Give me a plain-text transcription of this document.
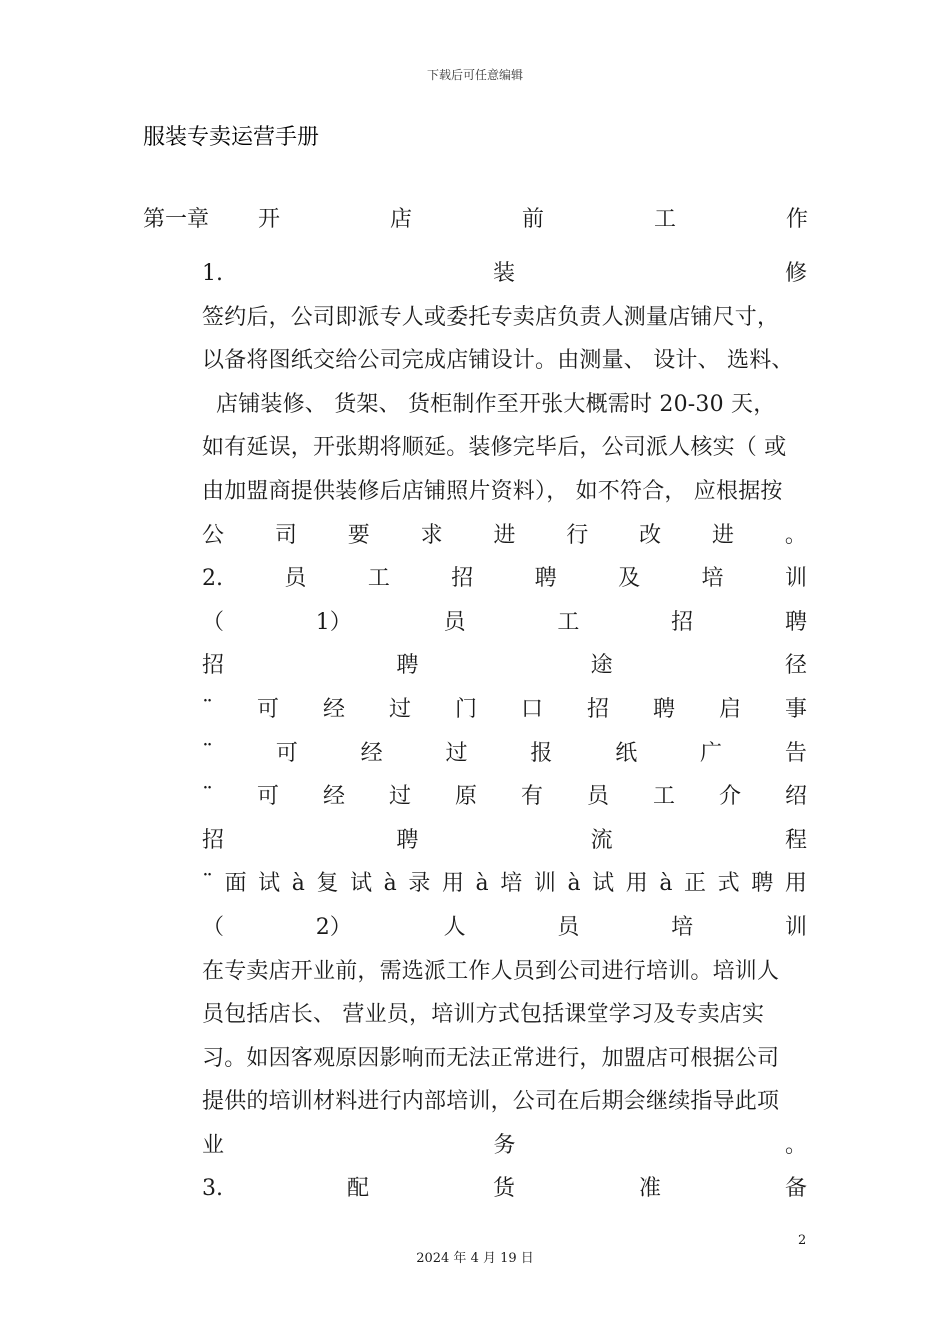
下载后可任意编辑
服装专卖运营手册
第一章 开	店	前	工	作
1.	装	修
签约后，公司即派专人或委托专卖店负责人测量店铺尺寸，
以备将图纸交给公司完成店铺设计。由测量、 设计、 选料、
店铺装修、 货架、 货柜制作至开张大概需时 20-30 天，
如有延误，开张期将顺延。装修完毕后，公司派人核实（ 或
由加盟商提供装修后店铺照片资料）， 如不符合， 应根据按
公 司 要 求 进 行 改 进 。
2.	员	工	招	聘	及	培	训
（	1）	员	工	招	聘
招	聘	途	径
¨ 可 经 过 门 口 招 聘 启 事
¨	可	经	过	报	纸	广	告
¨ 可 经 过 原 有 员 工 介 绍
招	聘	流	程
¨ 面 试 à 复 试 à 录 用 à 培 训 à 试 用 à 正 式 聘 用
（	2）	人	员	培	训
在专卖店开业前，需选派工作人员到公司进行培训。培训人
员包括店长、 营业员，培训方式包括课堂学习及专卖店实
习。如因客观原因影响而无法正常进行，加盟店可根据公司
提供的培训材料进行内部培训，公司在后期会继续指导此项
业	务	。
3.	配	货	准	备
2
2024 年 4 月 19 日
